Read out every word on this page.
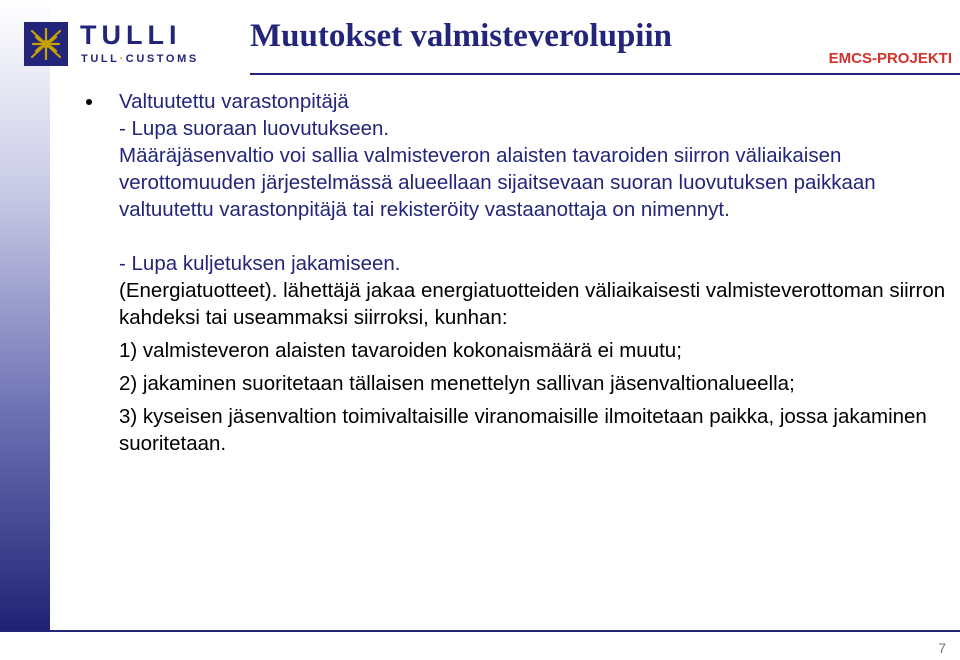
TULLI
TULL·CUSTOMS
Muutokset valmisteverolupiin
EMCS-PROJEKTI

Valtuutettu varastonpitäjä

- Lupa suoraan luovutukseen.

Määräjäsenvaltio voi sallia valmisteveron alaisten tavaroiden siirron väliaikaisen verottomuuden järjestelmässä alueellaan sijaitsevaan suoran luovutuksen paikkaan valtuutettu varastonpitäjä tai rekisteröity vastaanottaja on nimennyt.

- Lupa kuljetuksen jakamiseen.

(Energiatuotteet). lähettäjä jakaa energiatuotteiden väliaikaisesti valmisteverottoman siirron kahdeksi tai useammaksi siirroksi, kunhan:

1) valmisteveron alaisten tavaroiden kokonaismäärä ei muutu;

2) jakaminen suoritetaan tällaisen menettelyn sallivan jäsenvaltionalueella;

3) kyseisen jäsenvaltion toimivaltaisille viranomaisille ilmoitetaan paikka, jossa jakaminen suoritetaan.

7
